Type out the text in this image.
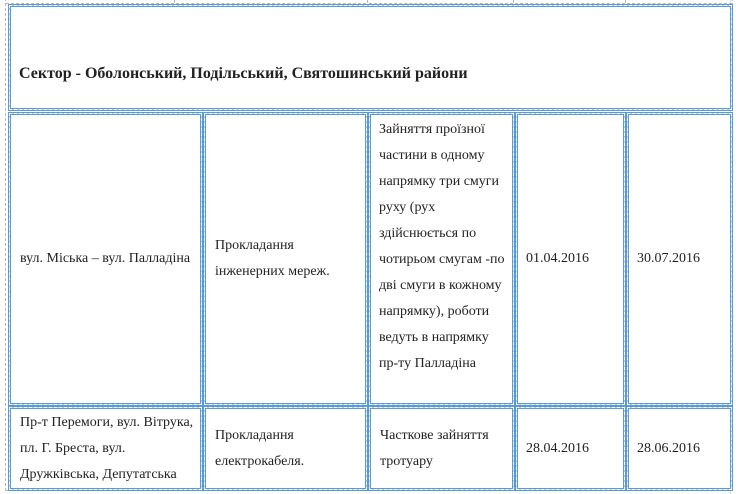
Сектор - Оболонський, Подільський, Святошинський райони
вул. Міська – вул. Палладіна
Прокладання інженерних мереж.
Зайняття проїзної частини в одному напрямку три смуги руху (рух здійснюється по чотирьом смугам -по дві смуги в кожному напрямку), роботи ведуть в напрямку пр-ту Палладіна
01.04.2016	30.07.2016
Пр-т Перемоги, вул. Вітрука, пл. Г. Бреста, вул. Дружківська, Депутатська
Прокладання електрокабеля.
Часткове зайняття тротуару
28.04.2016	28.06.2016
